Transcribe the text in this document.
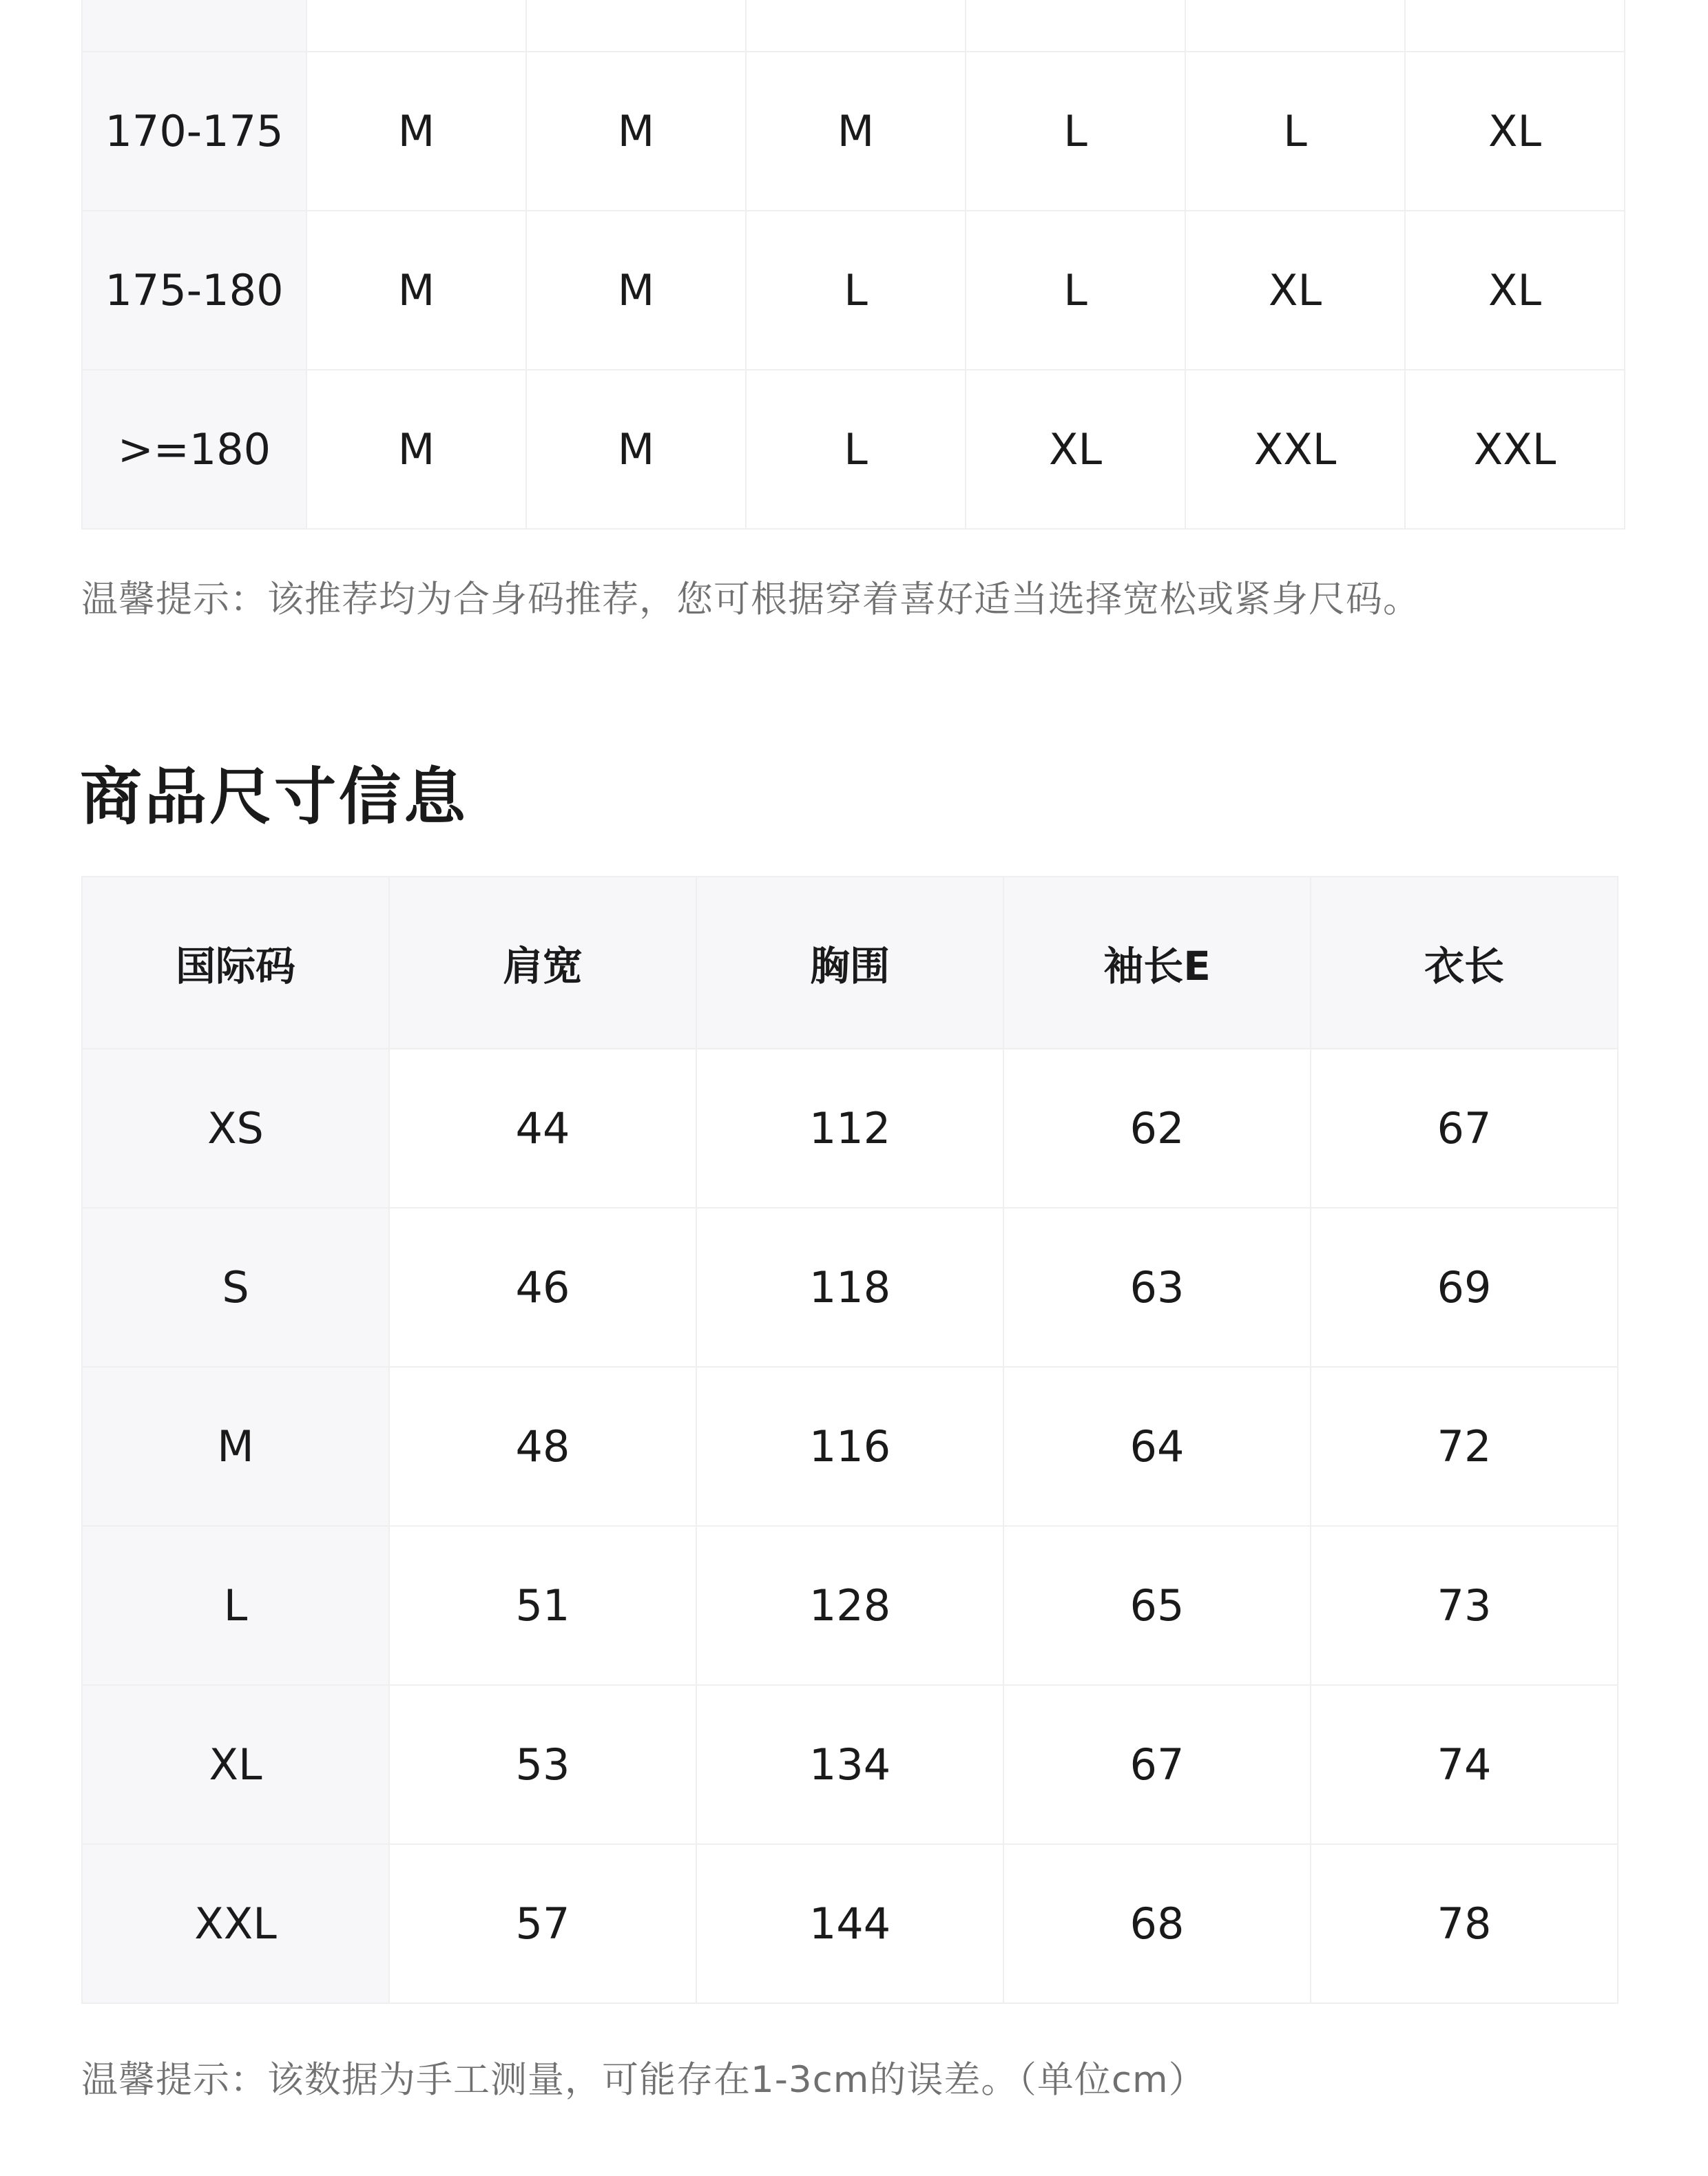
170-175	M	M	M	L	L	XL
175-180	M	M	L	L	XL	XL
>=180	M	M	L	XL	XXL	XXL
温馨提示：该推荐均为合身码推荐，您可根据穿着喜好适当选择宽松或紧身尺码。
商品尺寸信息
国际码	肩宽	胸围	袖长E	衣长
XS	44	112	62	67
S	46	118	63	69
M	48	116	64	72
L	51	128	65	73
XL	53	134	67	74
XXL	57	144	68	78
温馨提示：该数据为手工测量，可能存在1-3cm的误差。（单位cm）
